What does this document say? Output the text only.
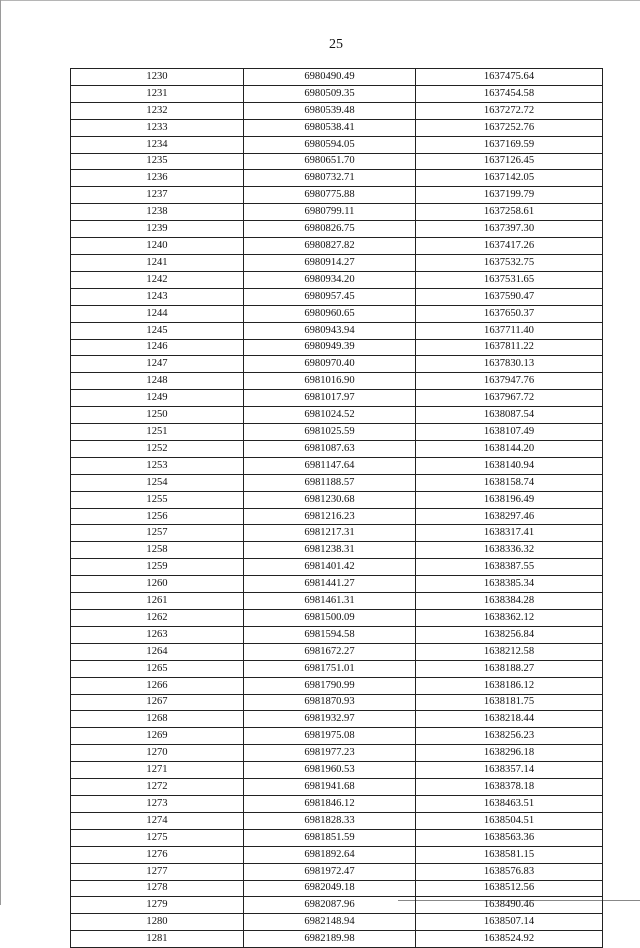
25
1230	6980490.49	1637475.64
1231	6980509.35	1637454.58
1232	6980539.48	1637272.72
1233	6980538.41	1637252.76
1234	6980594.05	1637169.59
1235	6980651.70	1637126.45
1236	6980732.71	1637142.05
1237	6980775.88	1637199.79
1238	6980799.11	1637258.61
1239	6980826.75	1637397.30
1240	6980827.82	1637417.26
1241	6980914.27	1637532.75
1242	6980934.20	1637531.65
1243	6980957.45	1637590.47
1244	6980960.65	1637650.37
1245	6980943.94	1637711.40
1246	6980949.39	1637811.22
1247	6980970.40	1637830.13
1248	6981016.90	1637947.76
1249	6981017.97	1637967.72
1250	6981024.52	1638087.54
1251	6981025.59	1638107.49
1252	6981087.63	1638144.20
1253	6981147.64	1638140.94
1254	6981188.57	1638158.74
1255	6981230.68	1638196.49
1256	6981216.23	1638297.46
1257	6981217.31	1638317.41
1258	6981238.31	1638336.32
1259	6981401.42	1638387.55
1260	6981441.27	1638385.34
1261	6981461.31	1638384.28
1262	6981500.09	1638362.12
1263	6981594.58	1638256.84
1264	6981672.27	1638212.58
1265	6981751.01	1638188.27
1266	6981790.99	1638186.12
1267	6981870.93	1638181.75
1268	6981932.97	1638218.44
1269	6981975.08	1638256.23
1270	6981977.23	1638296.18
1271	6981960.53	1638357.14
1272	6981941.68	1638378.18
1273	6981846.12	1638463.51
1274	6981828.33	1638504.51
1275	6981851.59	1638563.36
1276	6981892.64	1638581.15
1277	6981972.47	1638576.83
1278	6982049.18	1638512.56
1279	6982087.96	1638490.46
1280	6982148.94	1638507.14
1281	6982189.98	1638524.92
